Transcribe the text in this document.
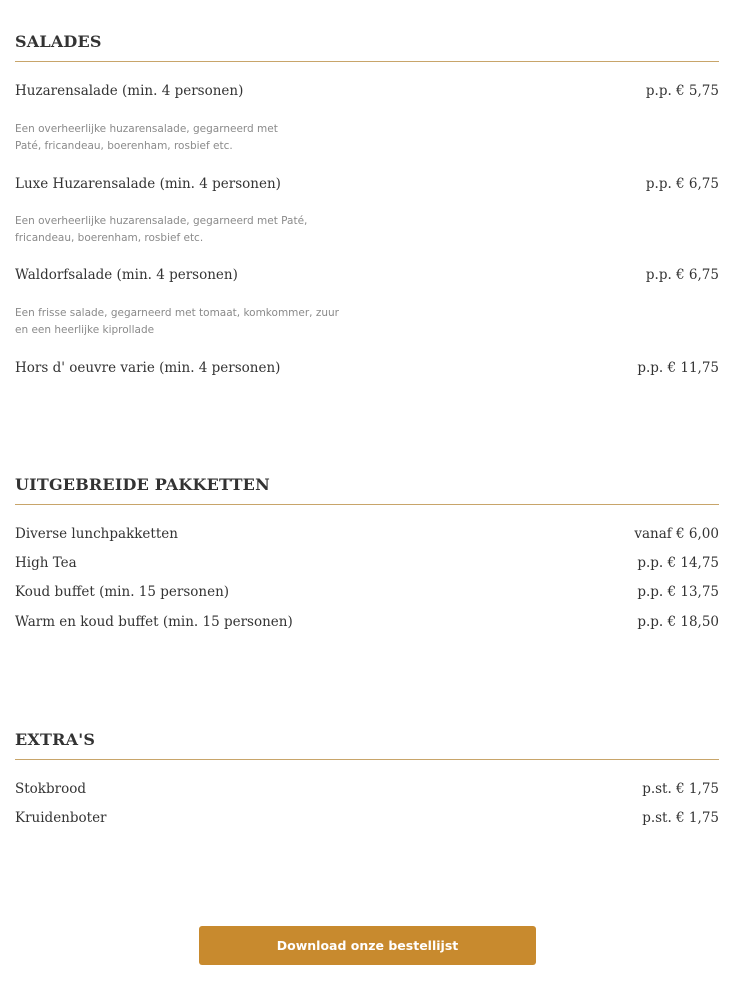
SALADES
Huzarensalade (min. 4 personen)	p.p. € 5,75
Een overheerlijke huzarensalade, gegarneerd met
Paté, fricandeau, boerenham, rosbief etc.
Luxe Huzarensalade (min. 4 personen)	p.p. € 6,75
Een overheerlijke huzarensalade, gegarneerd met Paté,
fricandeau, boerenham, rosbief etc.
Waldorfsalade (min. 4 personen)	p.p. € 6,75
Een frisse salade, gegarneerd met tomaat, komkommer, zuur
en een heerlijke kiprollade
Hors d' oeuvre varie (min. 4 personen)	p.p. € 11,75
UITGEBREIDE PAKKETTEN
Diverse lunchpakketten	vanaf € 6,00
High Tea	p.p. € 14,75
Koud buffet (min. 15 personen)	p.p. € 13,75
Warm en koud buffet (min. 15 personen)	p.p. € 18,50
EXTRA'S
Stokbrood	p.st. € 1,75
Kruidenboter	p.st. € 1,75
Download onze bestellijst
